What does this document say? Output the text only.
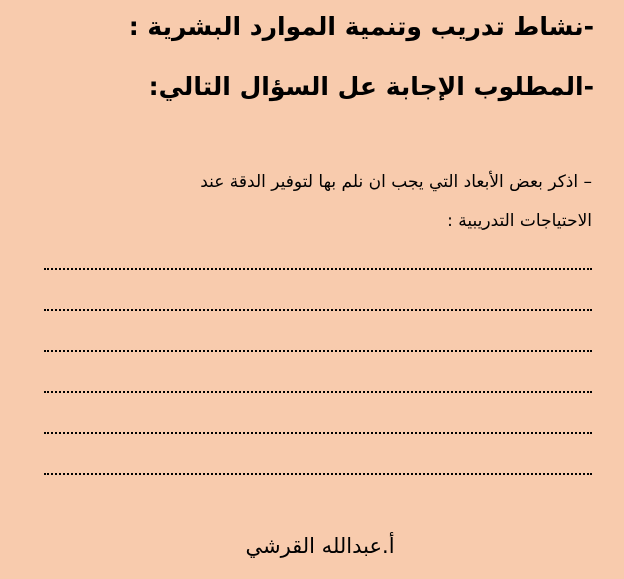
-نشاط تدريب وتنمية الموارد البشرية :
-المطلوب الإجابة عل السؤال التالي:
– اذكر بعض الأبعاد التي يجب ان نلم بها لتوفير الدقة عند
الاحتياجات التدريبية :
أ.عبدالله القرشي
